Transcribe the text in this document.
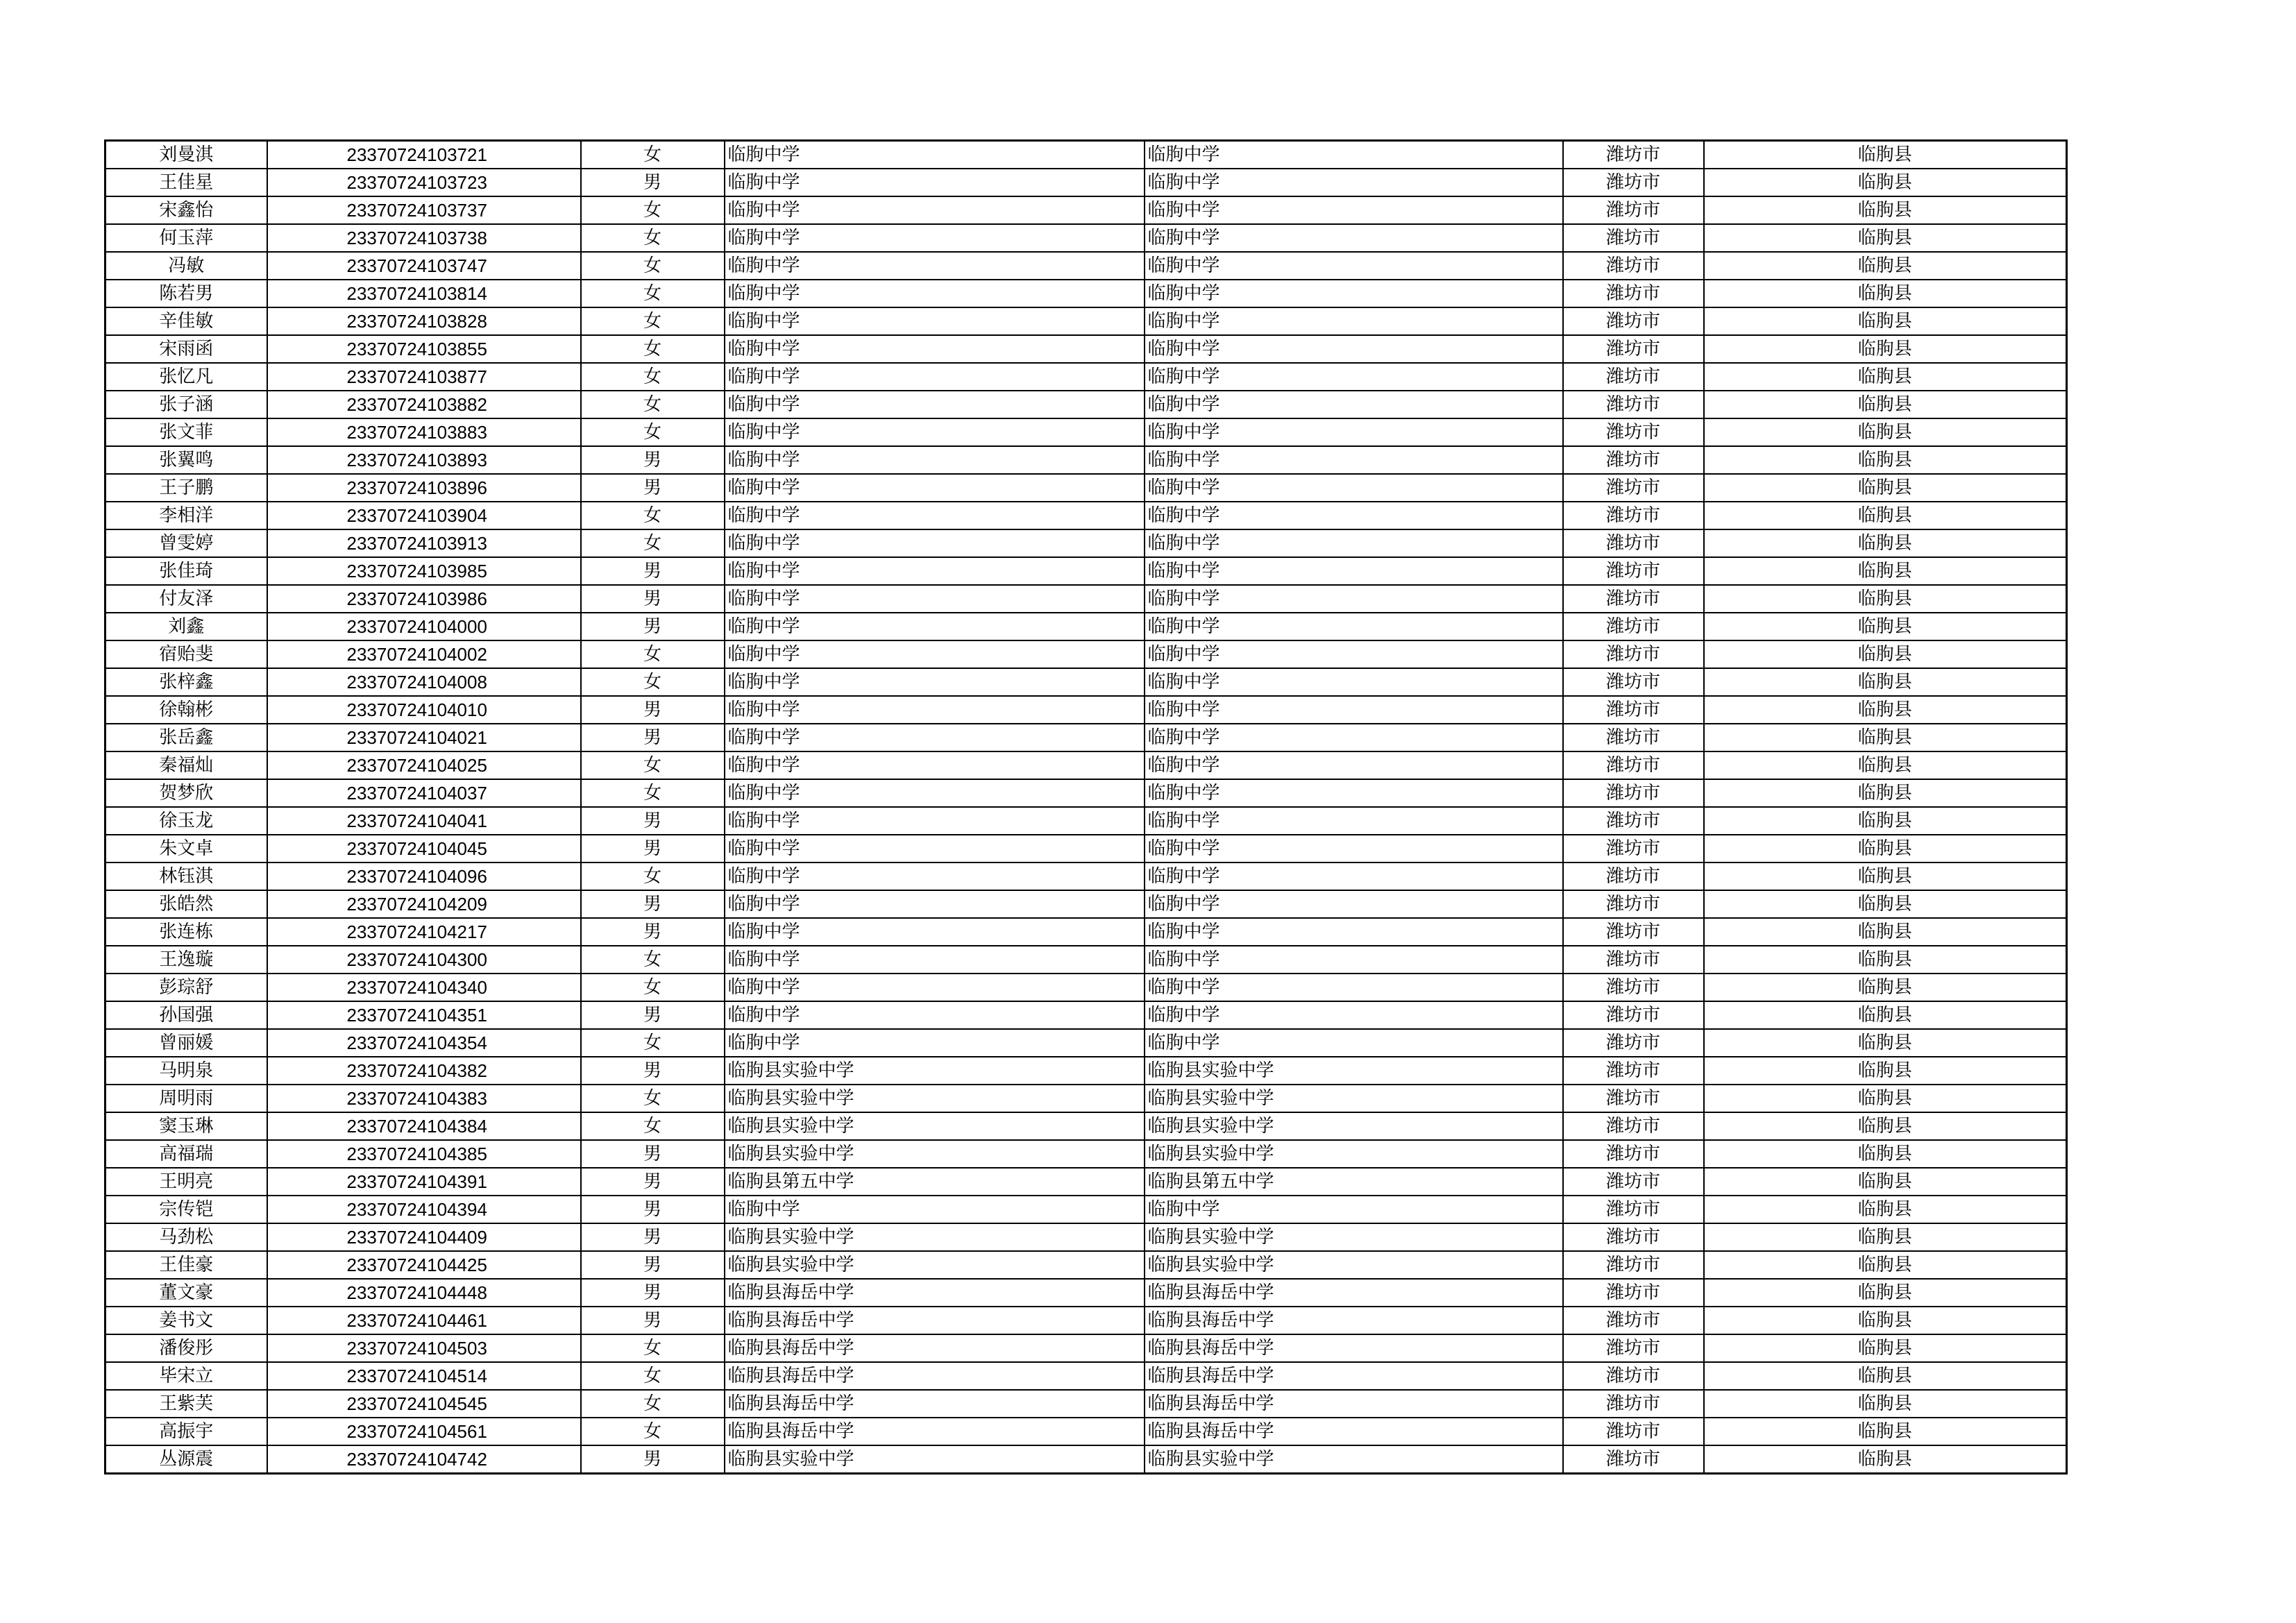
刘曼淇	23370724103721	女	临朐中学	临朐中学	潍坊市	临朐县
王佳星	23370724103723	男	临朐中学	临朐中学	潍坊市	临朐县
宋鑫怡	23370724103737	女	临朐中学	临朐中学	潍坊市	临朐县
何玉萍	23370724103738	女	临朐中学	临朐中学	潍坊市	临朐县
冯敏	23370724103747	女	临朐中学	临朐中学	潍坊市	临朐县
陈若男	23370724103814	女	临朐中学	临朐中学	潍坊市	临朐县
辛佳敏	23370724103828	女	临朐中学	临朐中学	潍坊市	临朐县
宋雨函	23370724103855	女	临朐中学	临朐中学	潍坊市	临朐县
张忆凡	23370724103877	女	临朐中学	临朐中学	潍坊市	临朐县
张子涵	23370724103882	女	临朐中学	临朐中学	潍坊市	临朐县
张文菲	23370724103883	女	临朐中学	临朐中学	潍坊市	临朐县
张翼鸣	23370724103893	男	临朐中学	临朐中学	潍坊市	临朐县
王子鹏	23370724103896	男	临朐中学	临朐中学	潍坊市	临朐县
李相洋	23370724103904	女	临朐中学	临朐中学	潍坊市	临朐县
曾雯婷	23370724103913	女	临朐中学	临朐中学	潍坊市	临朐县
张佳琦	23370724103985	男	临朐中学	临朐中学	潍坊市	临朐县
付友泽	23370724103986	男	临朐中学	临朐中学	潍坊市	临朐县
刘鑫	23370724104000	男	临朐中学	临朐中学	潍坊市	临朐县
宿贻斐	23370724104002	女	临朐中学	临朐中学	潍坊市	临朐县
张梓鑫	23370724104008	女	临朐中学	临朐中学	潍坊市	临朐县
徐翰彬	23370724104010	男	临朐中学	临朐中学	潍坊市	临朐县
张岳鑫	23370724104021	男	临朐中学	临朐中学	潍坊市	临朐县
秦福灿	23370724104025	女	临朐中学	临朐中学	潍坊市	临朐县
贺梦欣	23370724104037	女	临朐中学	临朐中学	潍坊市	临朐县
徐玉龙	23370724104041	男	临朐中学	临朐中学	潍坊市	临朐县
朱文卓	23370724104045	男	临朐中学	临朐中学	潍坊市	临朐县
林钰淇	23370724104096	女	临朐中学	临朐中学	潍坊市	临朐县
张皓然	23370724104209	男	临朐中学	临朐中学	潍坊市	临朐县
张连栋	23370724104217	男	临朐中学	临朐中学	潍坊市	临朐县
王逸璇	23370724104300	女	临朐中学	临朐中学	潍坊市	临朐县
彭琮舒	23370724104340	女	临朐中学	临朐中学	潍坊市	临朐县
孙国强	23370724104351	男	临朐中学	临朐中学	潍坊市	临朐县
曾丽媛	23370724104354	女	临朐中学	临朐中学	潍坊市	临朐县
马明泉	23370724104382	男	临朐县实验中学	临朐县实验中学	潍坊市	临朐县
周明雨	23370724104383	女	临朐县实验中学	临朐县实验中学	潍坊市	临朐县
窦玉琳	23370724104384	女	临朐县实验中学	临朐县实验中学	潍坊市	临朐县
高福瑞	23370724104385	男	临朐县实验中学	临朐县实验中学	潍坊市	临朐县
王明亮	23370724104391	男	临朐县第五中学	临朐县第五中学	潍坊市	临朐县
宗传铠	23370724104394	男	临朐中学	临朐中学	潍坊市	临朐县
马劲松	23370724104409	男	临朐县实验中学	临朐县实验中学	潍坊市	临朐县
王佳豪	23370724104425	男	临朐县实验中学	临朐县实验中学	潍坊市	临朐县
董文豪	23370724104448	男	临朐县海岳中学	临朐县海岳中学	潍坊市	临朐县
姜书文	23370724104461	男	临朐县海岳中学	临朐县海岳中学	潍坊市	临朐县
潘俊彤	23370724104503	女	临朐县海岳中学	临朐县海岳中学	潍坊市	临朐县
毕宋立	23370724104514	女	临朐县海岳中学	临朐县海岳中学	潍坊市	临朐县
王紫芙	23370724104545	女	临朐县海岳中学	临朐县海岳中学	潍坊市	临朐县
高振宇	23370724104561	女	临朐县海岳中学	临朐县海岳中学	潍坊市	临朐县
丛源震	23370724104742	男	临朐县实验中学	临朐县实验中学	潍坊市	临朐县
